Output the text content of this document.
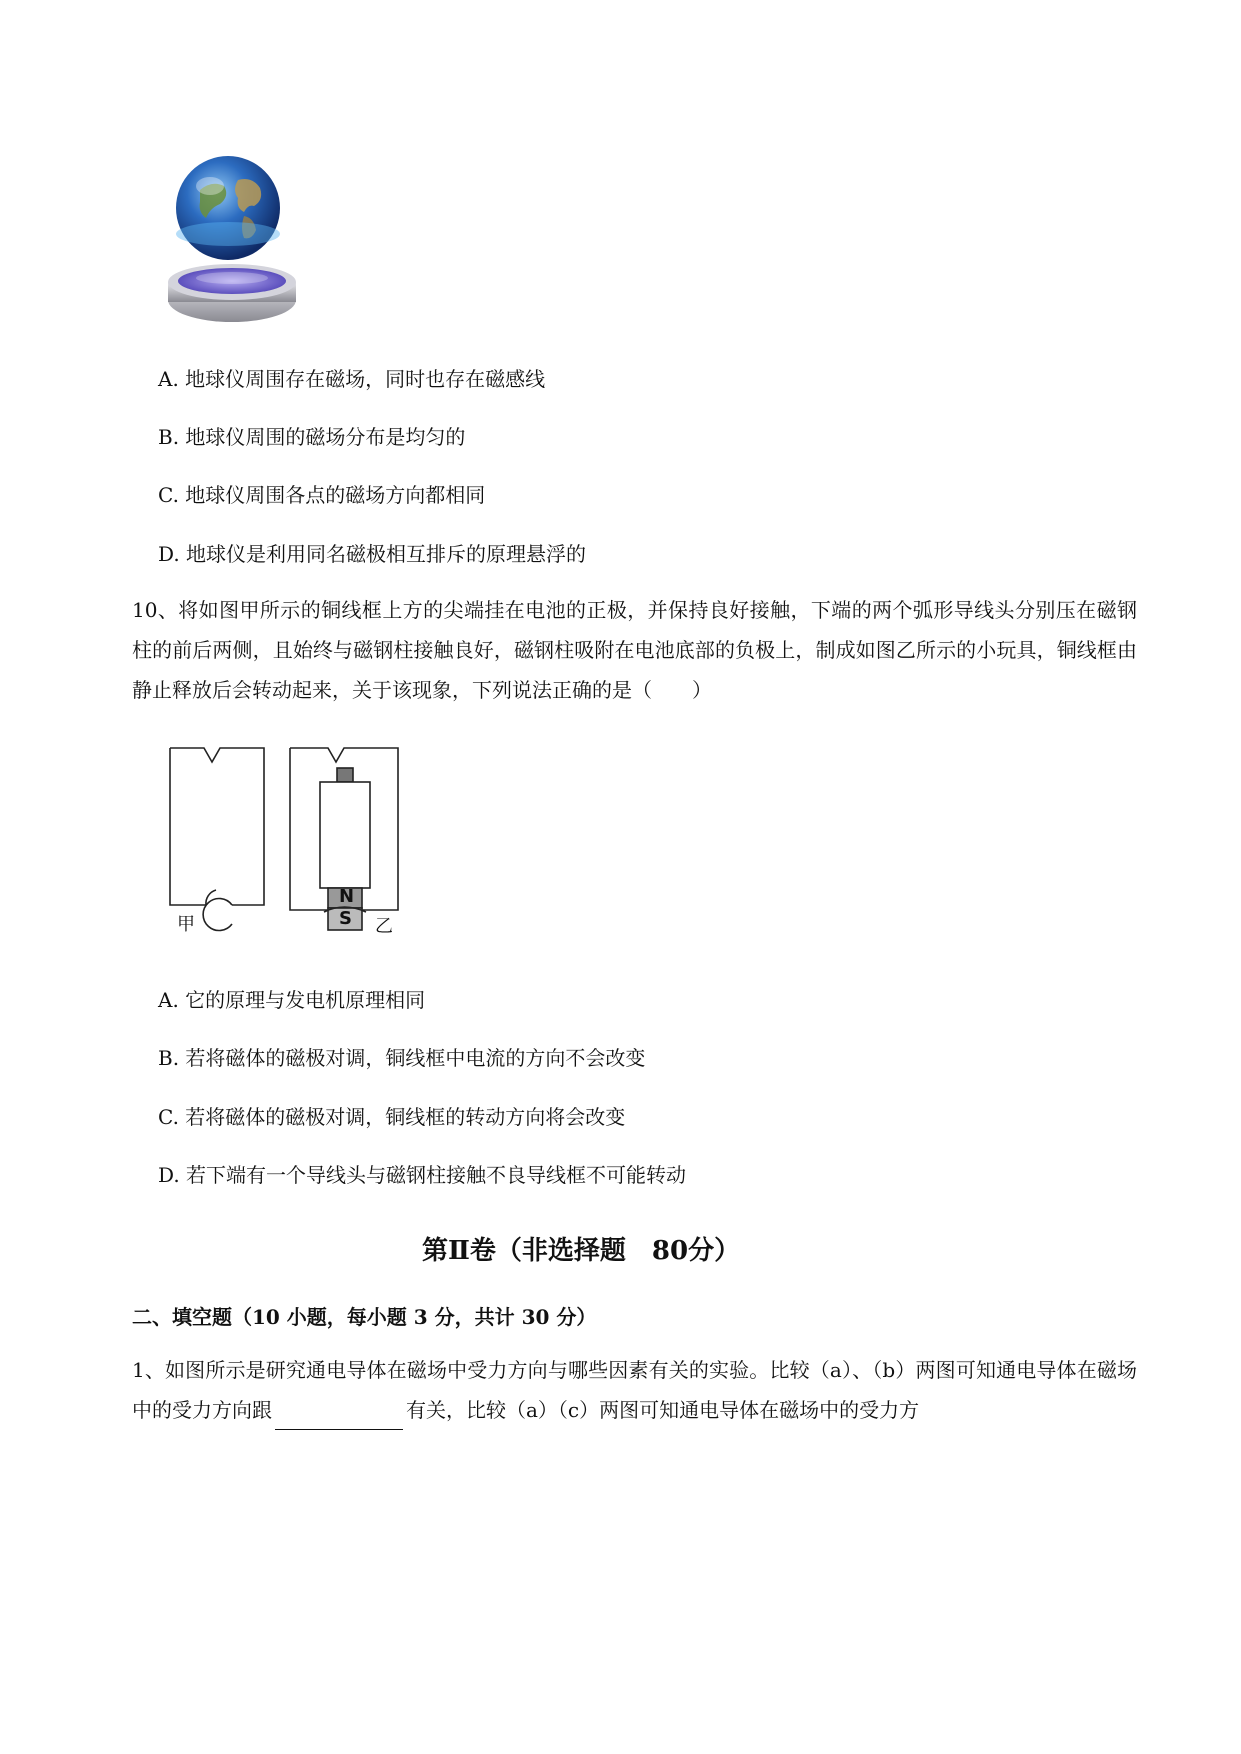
A. 地球仪周围存在磁场，同时也存在磁感线
B. 地球仪周围的磁场分布是均匀的
C. 地球仪周围各点的磁场方向都相同
D. 地球仪是利用同名磁极相互排斥的原理悬浮的
10、将如图甲所示的铜线框上方的尖端挂在电池的正极，并保持良好接触，下端的两个弧形导线头分别压在磁钢柱的前后两侧，且始终与磁钢柱接触良好，磁钢柱吸附在电池底部的负极上，制成如图乙所示的小玩具，铜线框由静止释放后会转动起来，关于该现象，下列说法正确的是（　　）
甲	乙
N
S
A. 它的原理与发电机原理相同
B. 若将磁体的磁极对调，铜线框中电流的方向不会改变
C. 若将磁体的磁极对调，铜线框的转动方向将会改变
D. 若下端有一个导线头与磁钢柱接触不良导线框不可能转动
第Ⅱ卷（非选择题　80分）
二、填空题（10 小题，每小题 3 分，共计 30 分）
1、如图所示是研究通电导体在磁场中受力方向与哪些因素有关的实验。比较（a）、（b）两图可知通电导体在磁场中的受力方向跟	有关，比较（a）（c）两图可知通电导体在磁场中的受力方
